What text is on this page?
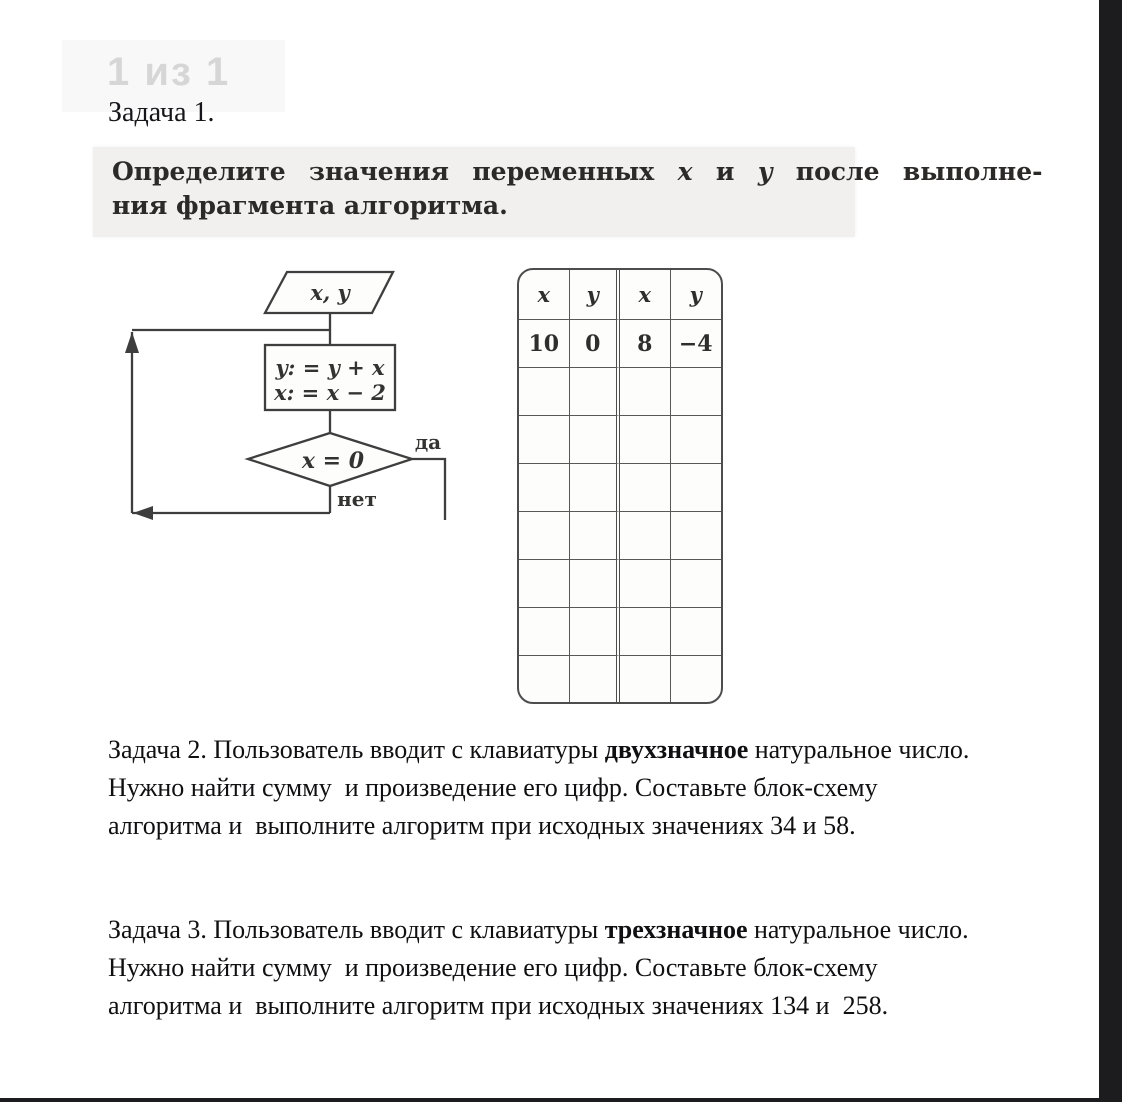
1 из 1
Задача 1.
Определите  значения  переменных  x  и  y  после  выполне-
ния фрагмента алгоритма.
x, y
y: = y + x
x: = x − 2
x = 0
да
нет
x	y	x	y
10	0	8	−4
Задача 2. Пользователь вводит с клавиатуры двухзначное натуральное число.
Нужно найти сумму  и произведение его цифр. Составьте блок-схему
алгоритма и  выполните алгоритм при исходных значениях 34 и 58.
Задача 3. Пользователь вводит с клавиатуры трехзначное натуральное число.
Нужно найти сумму  и произведение его цифр. Составьте блок-схему
алгоритма и  выполните алгоритм при исходных значениях 134 и  258.
